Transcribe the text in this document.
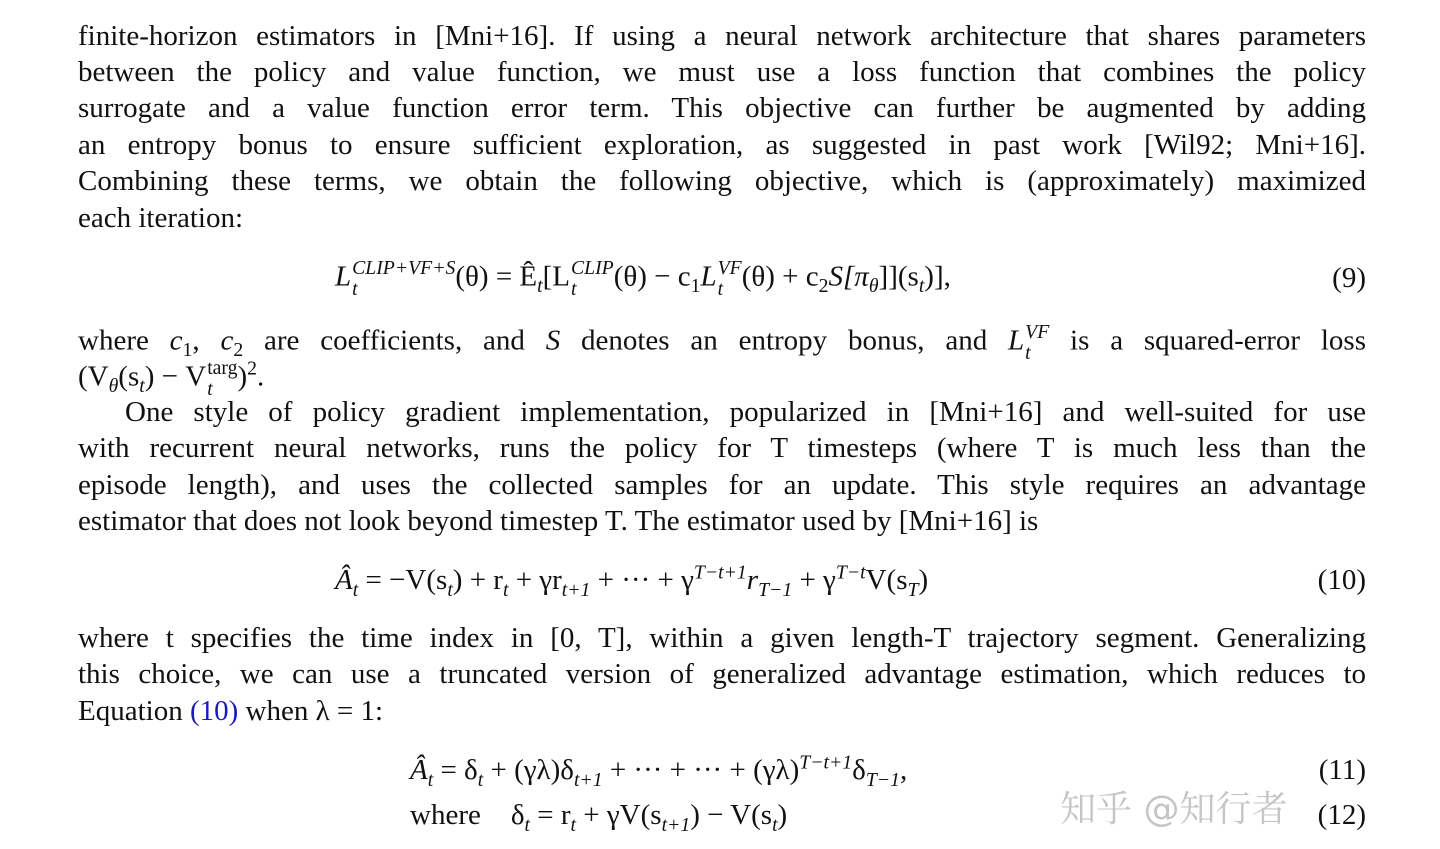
finite-horizon estimators in [Mni+16]. If using a neural network architecture that shares parameters
between the policy and value function, we must use a loss function that combines the policy
surrogate and a value function error term. This objective can further be augmented by adding
an entropy bonus to ensure sufficient exploration, as suggested in past work [Wil92; Mni+16].
Combining these terms, we obtain the following objective, which is (approximately) maximized
each iteration:
L CLIP+VF+S
t	$(\theta) = Ê_t[L$ CLIP
t	$(\theta) - c_1L$ VF
t $(\theta) + c_2S[\pi_\theta]](s_t)$],	(9)
where $c_1$, $c_2$ are coefficients, and S denotes an entropy bonus, and L VF
t is a squared-error loss
($V_\theta(s_t) - V$ targ
t )$^2$.
One style of policy gradient implementation, popularized in [Mni+16] and well-suited for use
with recurrent neural networks, runs the policy for T timesteps (where T is much less than the
episode length), and uses the collected samples for an update. This style requires an advantage
estimator that does not look beyond timestep T. The estimator used by [Mni+16] is
$Â_t = -V(s_t) + r_t + \gamma r_{t+1}$ + ··· + $\gamma^{T-t+1}r_{T-1} + \gamma^{T-t}V(s_T)$	(10)
where t specifies the time index in [0, T], within a given length-T trajectory segment. Generalizing
this choice, we can use a truncated version of generalized advantage estimation, which reduces to
Equation (10) when λ = 1:
$Â_t = \delta_t + (\gamma\lambda)\delta_{t+1}$ + ··· + ··· + $(\gamma\lambda)^{T-t+1}\delta_{T-1}$,	(11)
where $\delta_t = r_t + \gamma V(s_{t+1}) - V(s_t)$	(12)
知乎 @知行者
